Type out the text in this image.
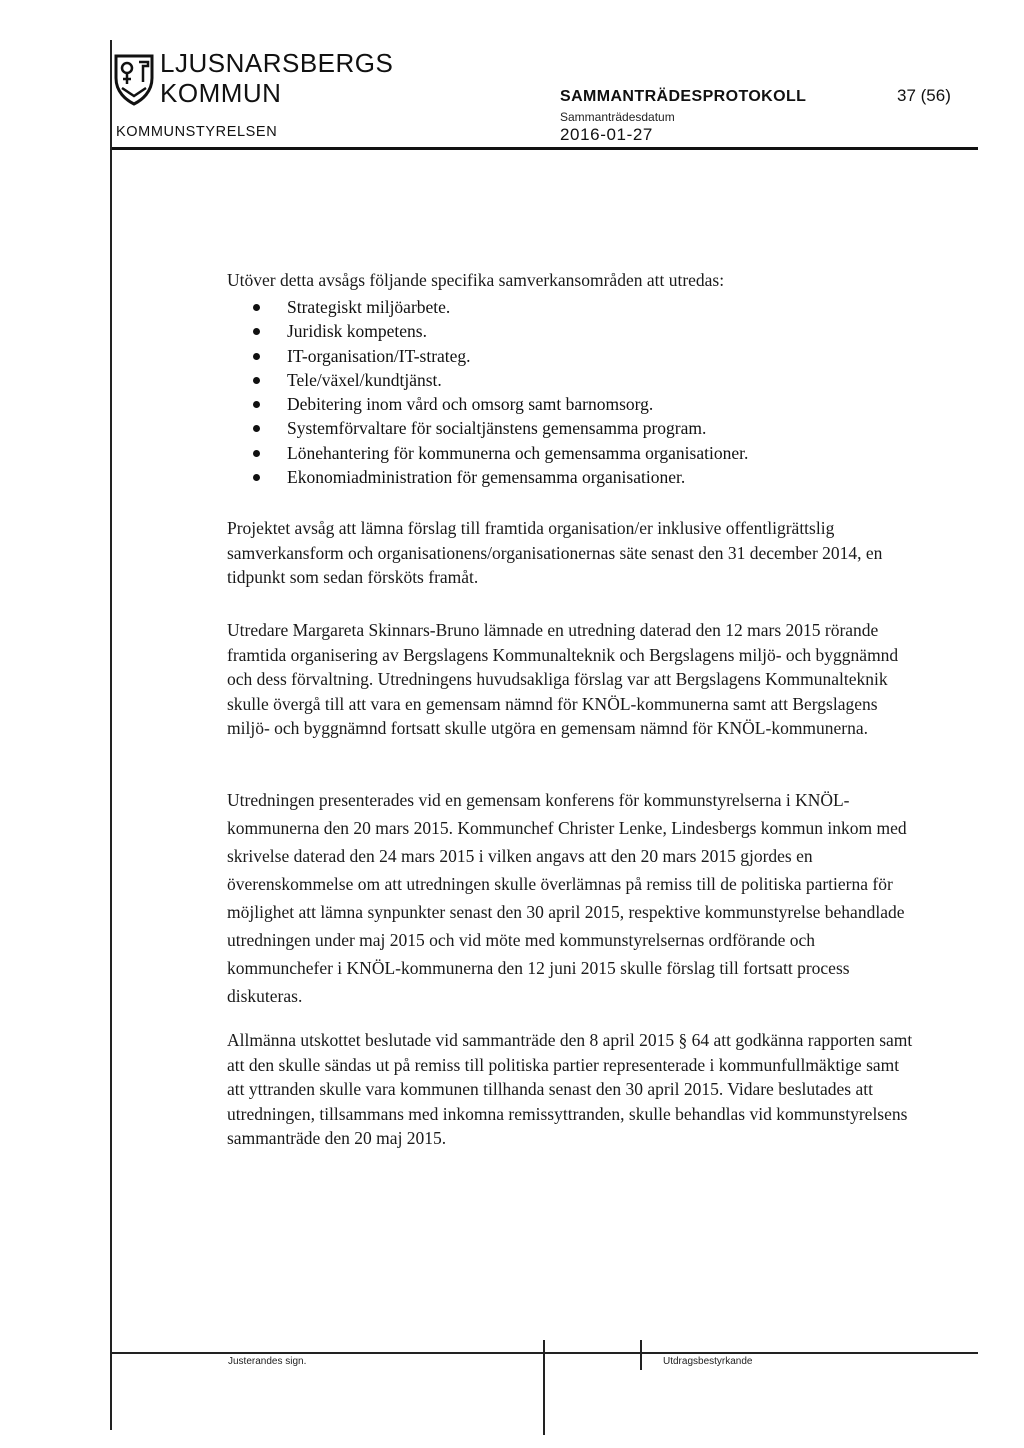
LJUSNARSBERGS
KOMMUN
KOMMUNSTYRELSEN
SAMMANTRÄDESPROTOKOLL	37 (56)
Sammanträdesdatum
2016-01-27

Utöver detta avsågs följande specifika samverkansområden att utredas:

Strategiskt miljöarbete.
Juridisk kompetens.
IT-organisation/IT-strateg.
Tele/växel/kundtjänst.
Debitering inom vård och omsorg samt barnomsorg.
Systemförvaltare för socialtjänstens gemensamma program.
Lönehantering för kommunerna och gemensamma organisationer.
Ekonomiadministration för gemensamma organisationer.

Projektet avsåg att lämna förslag till framtida organisation/er inklusive offentligrättslig samverkansform och organisationens/organisationernas säte senast den 31 december 2014, en tidpunkt som sedan försköts framåt.

Utredare Margareta Skinnars-Bruno lämnade en utredning daterad den 12 mars 2015 rörande framtida organisering av Bergslagens Kommunalteknik och Bergslagens miljö- och byggnämnd och dess förvaltning. Utredningens huvudsakliga förslag var att Bergslagens Kommunalteknik skulle övergå till att vara en gemensam nämnd för KNÖL-kommunerna samt att Bergslagens miljö- och byggnämnd fortsatt skulle utgöra en gemensam nämnd för KNÖL-kommunerna.

Utredningen presenterades vid en gemensam konferens för kommunstyrelserna i KNÖL-kommunerna den 20 mars 2015. Kommunchef Christer Lenke, Lindesbergs kommun inkom med skrivelse daterad den 24 mars 2015 i vilken angavs att den 20 mars 2015 gjordes en överenskommelse om att utredningen skulle överlämnas på remiss till de politiska partierna för möjlighet att lämna synpunkter senast den 30 april 2015, respektive kommunstyrelse behandlade utredningen under maj 2015 och vid möte med kommunstyrelsernas ordförande och kommunchefer i KNÖL-kommunerna den 12 juni 2015 skulle förslag till fortsatt process diskuteras.

Allmänna utskottet beslutade vid sammanträde den 8 april 2015 § 64 att godkänna rapporten samt att den skulle sändas ut på remiss till politiska partier representerade i kommunfullmäktige samt att yttranden skulle vara kommunen tillhanda senast den 30 april 2015. Vidare beslutades att utredningen, tillsammans med inkomna remissyttranden, skulle behandlas vid kommunstyrelsens sammanträde den 20 maj 2015.

Justerandes sign.	Utdragsbestyrkande
